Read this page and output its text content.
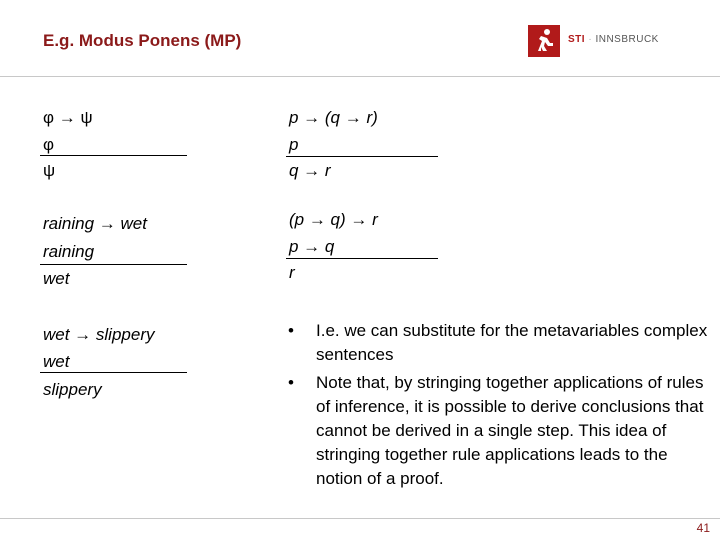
E.g. Modus Ponens (MP)	STI · INNSBRUCK
φ → ψ
φ
ψ
raining → wet
raining
wet
wet → slippery
wet
slippery
p → (q → r)
p
q → r
(p → q) → r
p → q
r
• I.e. we can substitute for the metavariables complex sentences
• Note that, by stringing together applications of rules of inference, it is possible to derive conclusions that cannot be derived in a single step. This idea of stringing together rule applications leads to the notion of a proof.
41
